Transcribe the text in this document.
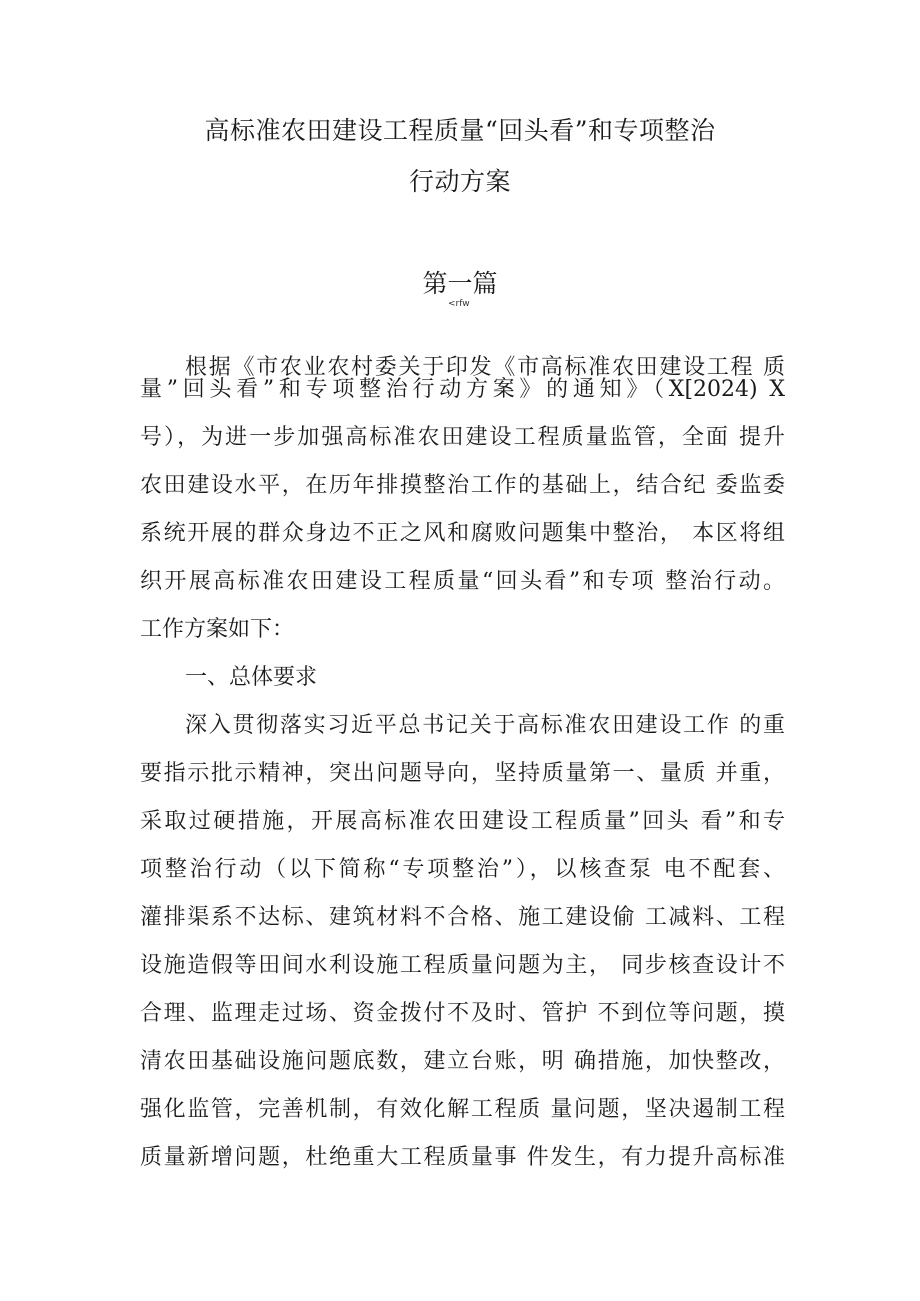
高标准农田建设工程质量“回头看”和专项整治
行动方案
第一篇
<rfw
根据《市农业农村委关于印发《市高标准农田建设工程 质
量”回头看”和专项整治行动方案》的通知》（X[2024) X
号），为进一步加强高标准农田建设工程质量监管，全面 提升
农田建设水平，在历年排摸整治工作的基础上，结合纪 委监委
系统开展的群众身边不正之风和腐败问题集中整治， 本区将组
织开展高标准农田建设工程质量“回头看”和专项 整治行动。
工作方案如下：
一、总体要求
深入贯彻落实习近平总书记关于高标准农田建设工作 的重
要指示批示精神，突出问题导向，坚持质量第一、量质 并重，
采取过硬措施，开展高标准农田建设工程质量”回头 看”和专
项整治行动（以下简称“专项整治”），以核查泵 电不配套、
灌排渠系不达标、建筑材料不合格、施工建设偷 工减料、工程
设施造假等田间水利设施工程质量问题为主， 同步核查设计不
合理、监理走过场、资金拨付不及时、管护 不到位等问题，摸
清农田基础设施问题底数，建立台账，明 确措施，加快整改，
强化监管，完善机制，有效化解工程质 量问题，坚决遏制工程
质量新增问题，杜绝重大工程质量事 件发生，有力提升高标准
